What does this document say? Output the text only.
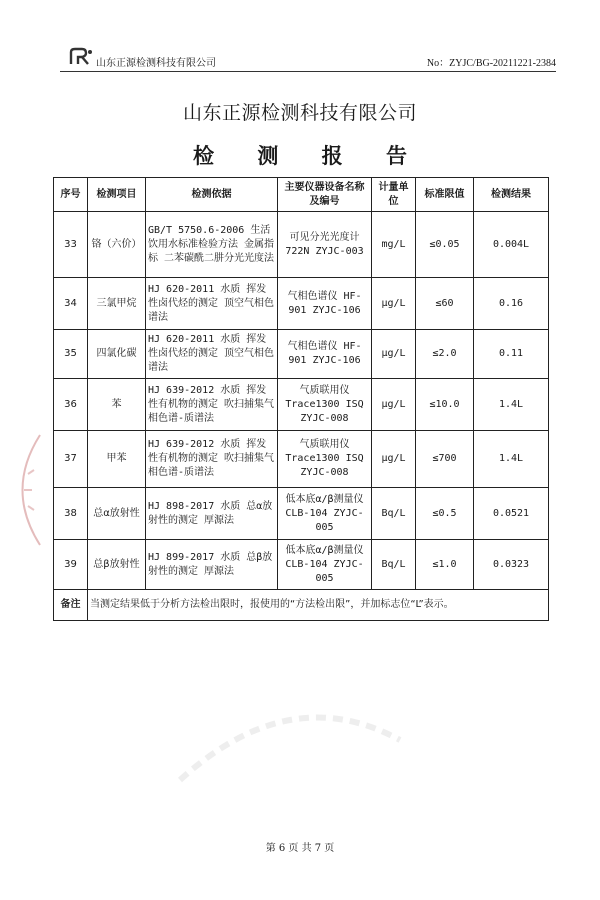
山东正源检测科技有限公司	No：ZYJC/BG-20211221-2384
山东正源检测科技有限公司
检 测 报 告
序号	检测项目	检测依据	主要仪器设备名称及编号	计量单位	标准限值	检测结果
33	铬（六价）	GB/T 5750.6-2006 生活饮用水标准检验方法 金属指标 二苯碳酰二肼分光光度法	可见分光光度计 722N ZYJC-003	mg/L	≤0.05	0.004L
34	三氯甲烷	HJ 620-2011 水质 挥发性卤代烃的测定 顶空气相色谱法	气相色谱仪 HF-901 ZYJC-106	μg/L	≤60	0.16
35	四氯化碳	HJ 620-2011 水质 挥发性卤代烃的测定 顶空气相色谱法	气相色谱仪 HF-901 ZYJC-106	μg/L	≤2.0	0.11
36	苯	HJ 639-2012 水质 挥发性有机物的测定 吹扫捕集气相色谱-质谱法	气质联用仪 Trace1300 ISQ ZYJC-008	μg/L	≤10.0	1.4L
37	甲苯	HJ 639-2012 水质 挥发性有机物的测定 吹扫捕集气相色谱-质谱法	气质联用仪 Trace1300 ISQ ZYJC-008	μg/L	≤700	1.4L
38	总α放射性	HJ 898-2017 水质 总α放射性的测定 厚源法	低本底α/β测量仪 CLB-104 ZYJC-005	Bq/L	≤0.5	0.0521
39	总β放射性	HJ 899-2017 水质 总β放射性的测定 厚源法	低本底α/β测量仪 CLB-104 ZYJC-005	Bq/L	≤1.0	0.0323
备注	当测定结果低于分析方法检出限时，报使用的“方法检出限”，并加标志位“L”表示。					
第 6 页 共 7 页
